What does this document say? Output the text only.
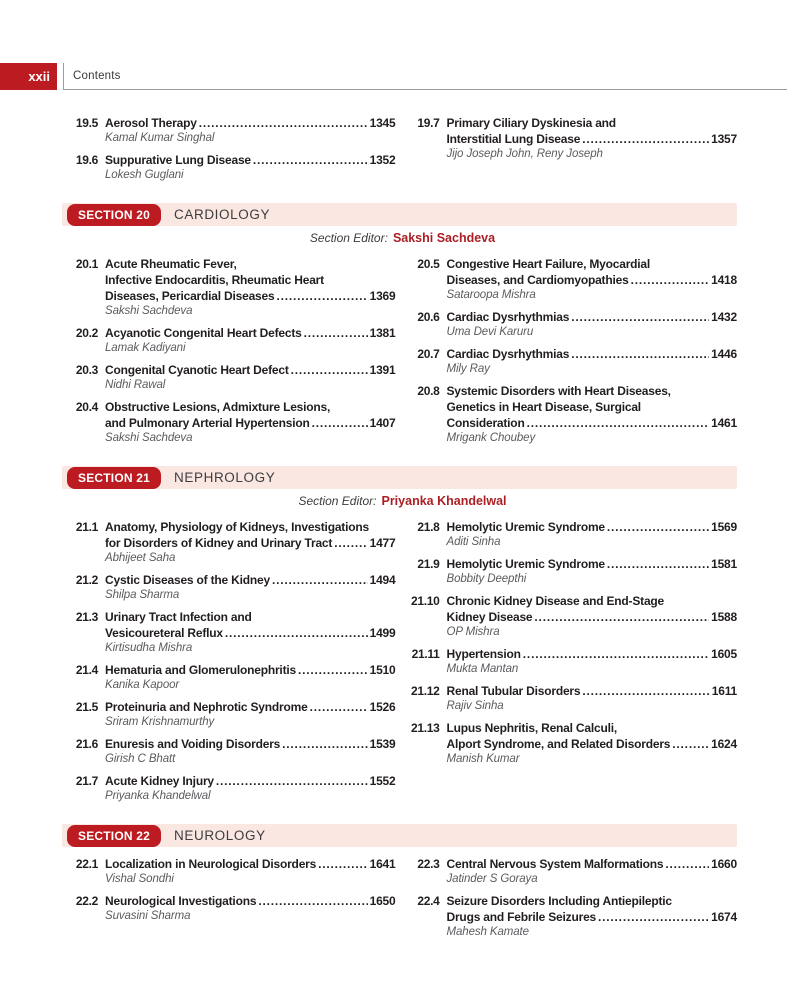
xxii Contents
19.5 Aerosol Therapy .....	1345
Kamal Kumar Singhal
19.6 Suppurative Lung Disease .....	1352
Lokesh Guglani
19.7 Primary Ciliary Dyskinesia and
Interstitial Lung Disease .....	1357
Jijo Joseph John, Reny Joseph
SECTION 20	CARDIOLOGY
Section Editor: Sakshi Sachdeva
20.1 Acute Rheumatic Fever,
Infective Endocarditis, Rheumatic Heart
Diseases, Pericardial Diseases .....	1369
Sakshi Sachdeva
20.2 Acyanotic Congenital Heart Defects .....	1381
Lamak Kadiyani
20.3 Congenital Cyanotic Heart Defect .....	1391
Nidhi Rawal
20.4 Obstructive Lesions, Admixture Lesions,
and Pulmonary Arterial Hypertension .....	1407
Sakshi Sachdeva
20.5 Congestive Heart Failure, Myocardial
Diseases, and Cardiomyopathies .....	1418
Sataroopa Mishra
20.6 Cardiac Dysrhythmias .....	1432
Uma Devi Karuru
20.7 Cardiac Dysrhythmias .....	1446
Mily Ray
20.8 Systemic Disorders with Heart Diseases,
Genetics in Heart Disease, Surgical
Consideration .....	1461
Mrigank Choubey
SECTION 21	NEPHROLOGY
Section Editor: Priyanka Khandelwal
21.1 Anatomy, Physiology of Kidneys, Investigations
for Disorders of Kidney and Urinary Tract .....	1477
Abhijeet Saha
21.2 Cystic Diseases of the Kidney .....	1494
Shilpa Sharma
21.3 Urinary Tract Infection and
Vesicoureteral Reflux .....	1499
Kirtisudha Mishra
21.4 Hematuria and Glomerulonephritis .....	1510
Kanika Kapoor
21.5 Proteinuria and Nephrotic Syndrome .....	1526
Sriram Krishnamurthy
21.6 Enuresis and Voiding Disorders .....	1539
Girish C Bhatt
21.7 Acute Kidney Injury .....	1552
Priyanka Khandelwal
21.8 Hemolytic Uremic Syndrome .....	1569
Aditi Sinha
21.9 Hemolytic Uremic Syndrome .....	1581
Bobbity Deepthi
21.10 Chronic Kidney Disease and End-Stage
Kidney Disease .....	1588
OP Mishra
21.11 Hypertension .....	1605
Mukta Mantan
21.12 Renal Tubular Disorders .....	1611
Rajiv Sinha
21.13 Lupus Nephritis, Renal Calculi,
Alport Syndrome, and Related Disorders .....	1624
Manish Kumar
SECTION 22	NEUROLOGY
22.1 Localization in Neurological Disorders .....	1641
Vishal Sondhi
22.2 Neurological Investigations .....	1650
Suvasini Sharma
22.3 Central Nervous System Malformations .....	1660
Jatinder S Goraya
22.4 Seizure Disorders Including Antiepileptic
Drugs and Febrile Seizures .....	1674
Mahesh Kamate
